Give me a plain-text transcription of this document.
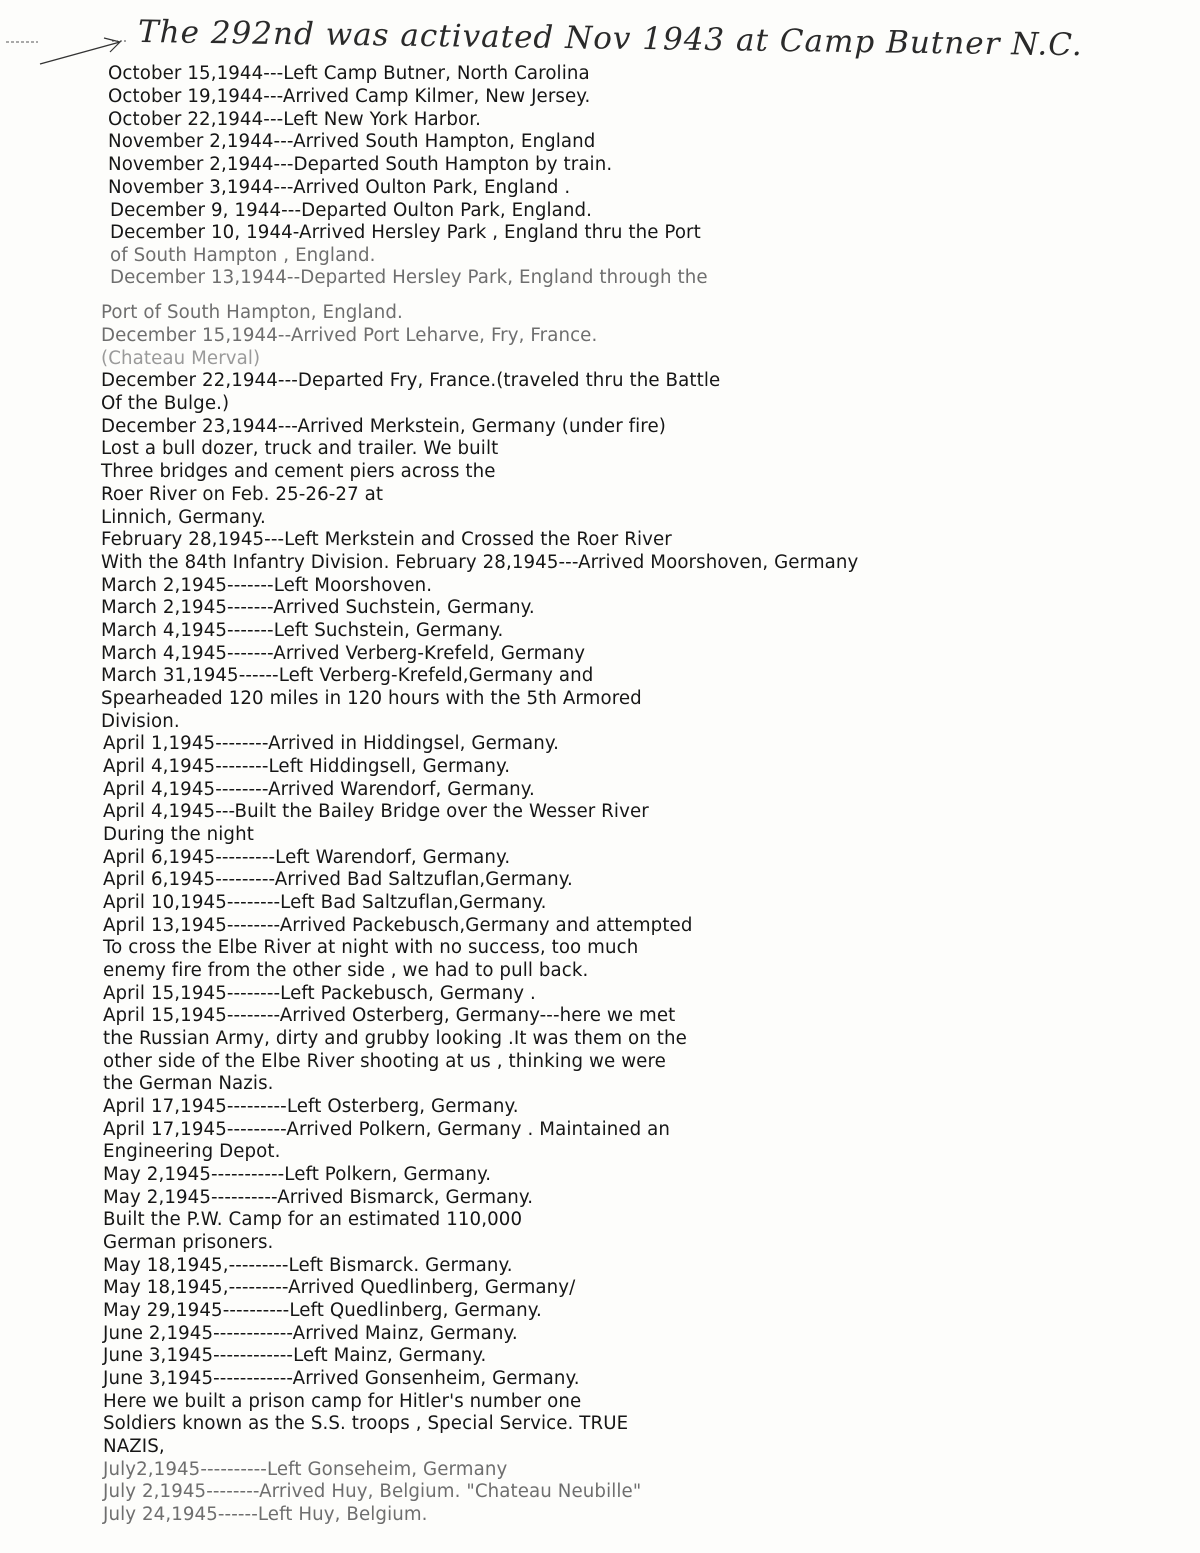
The 292nd was activated Nov 1943 at Camp Butner N.C.
October 15,1944---Left Camp Butner, North Carolina
October 19,1944---Arrived Camp Kilmer, New Jersey.
October 22,1944---Left New York Harbor.
November 2,1944---Arrived South Hampton, England
November 2,1944---Departed South Hampton by train.
November 3,1944---Arrived Oulton Park, England .
December 9, 1944---Departed Oulton Park, England.
December 10, 1944-Arrived Hersley Park , England thru the Port
of South Hampton , England.
December 13,1944--Departed Hersley Park, England through the
Port of South Hampton, England.
December 15,1944--Arrived Port Leharve, Fry, France.
(Chateau Merval)
December 22,1944---Departed Fry, France.(traveled thru the Battle
Of the Bulge.)
December 23,1944---Arrived Merkstein, Germany (under fire)
Lost a bull dozer, truck and trailer. We built
Three bridges and cement piers across the
Roer River on Feb. 25-26-27 at
Linnich, Germany.
February 28,1945---Left Merkstein and Crossed the Roer River
With the 84th Infantry Division. February 28,1945---Arrived Moorshoven, Germany
March 2,1945-------Left Moorshoven.
March 2,1945-------Arrived Suchstein, Germany.
March 4,1945-------Left Suchstein, Germany.
March 4,1945-------Arrived Verberg-Krefeld, Germany
March 31,1945------Left Verberg-Krefeld,Germany and
Spearheaded 120 miles in 120 hours with the 5th Armored
Division.
April 1,1945--------Arrived in Hiddingsel, Germany.
April 4,1945--------Left Hiddingsell, Germany.
April 4,1945--------Arrived Warendorf, Germany.
April 4,1945---Built the Bailey Bridge over the Wesser River
During the night
April 6,1945---------Left Warendorf, Germany.
April 6,1945---------Arrived Bad Saltzuflan,Germany.
April 10,1945--------Left Bad Saltzuflan,Germany.
April 13,1945--------Arrived Packebusch,Germany and attempted
To cross the Elbe River at night with no success, too much
enemy fire from the other side , we had to pull back.
April 15,1945--------Left Packebusch, Germany .
April 15,1945--------Arrived Osterberg, Germany---here we met
the Russian Army, dirty and grubby looking .It was them on the
other side of the Elbe River shooting at us , thinking we were
the German Nazis.
April 17,1945---------Left Osterberg, Germany.
April 17,1945---------Arrived Polkern, Germany . Maintained an
Engineering Depot.
May 2,1945-----------Left Polkern, Germany.
May 2,1945----------Arrived Bismarck, Germany.
Built the P.W. Camp for an estimated 110,000
German prisoners.
May 18,1945,---------Left Bismarck. Germany.
May 18,1945,---------Arrived Quedlinberg, Germany/
May 29,1945----------Left Quedlinberg, Germany.
June 2,1945------------Arrived Mainz, Germany.
June 3,1945------------Left Mainz, Germany.
June 3,1945------------Arrived Gonsenheim, Germany.
Here we built a prison camp for Hitler's number one
Soldiers known as the S.S. troops , Special Service. TRUE
NAZIS,
July2,1945----------Left Gonseheim, Germany
July 2,1945--------Arrived Huy, Belgium. "Chateau Neubille"
July 24,1945------Left Huy, Belgium.
